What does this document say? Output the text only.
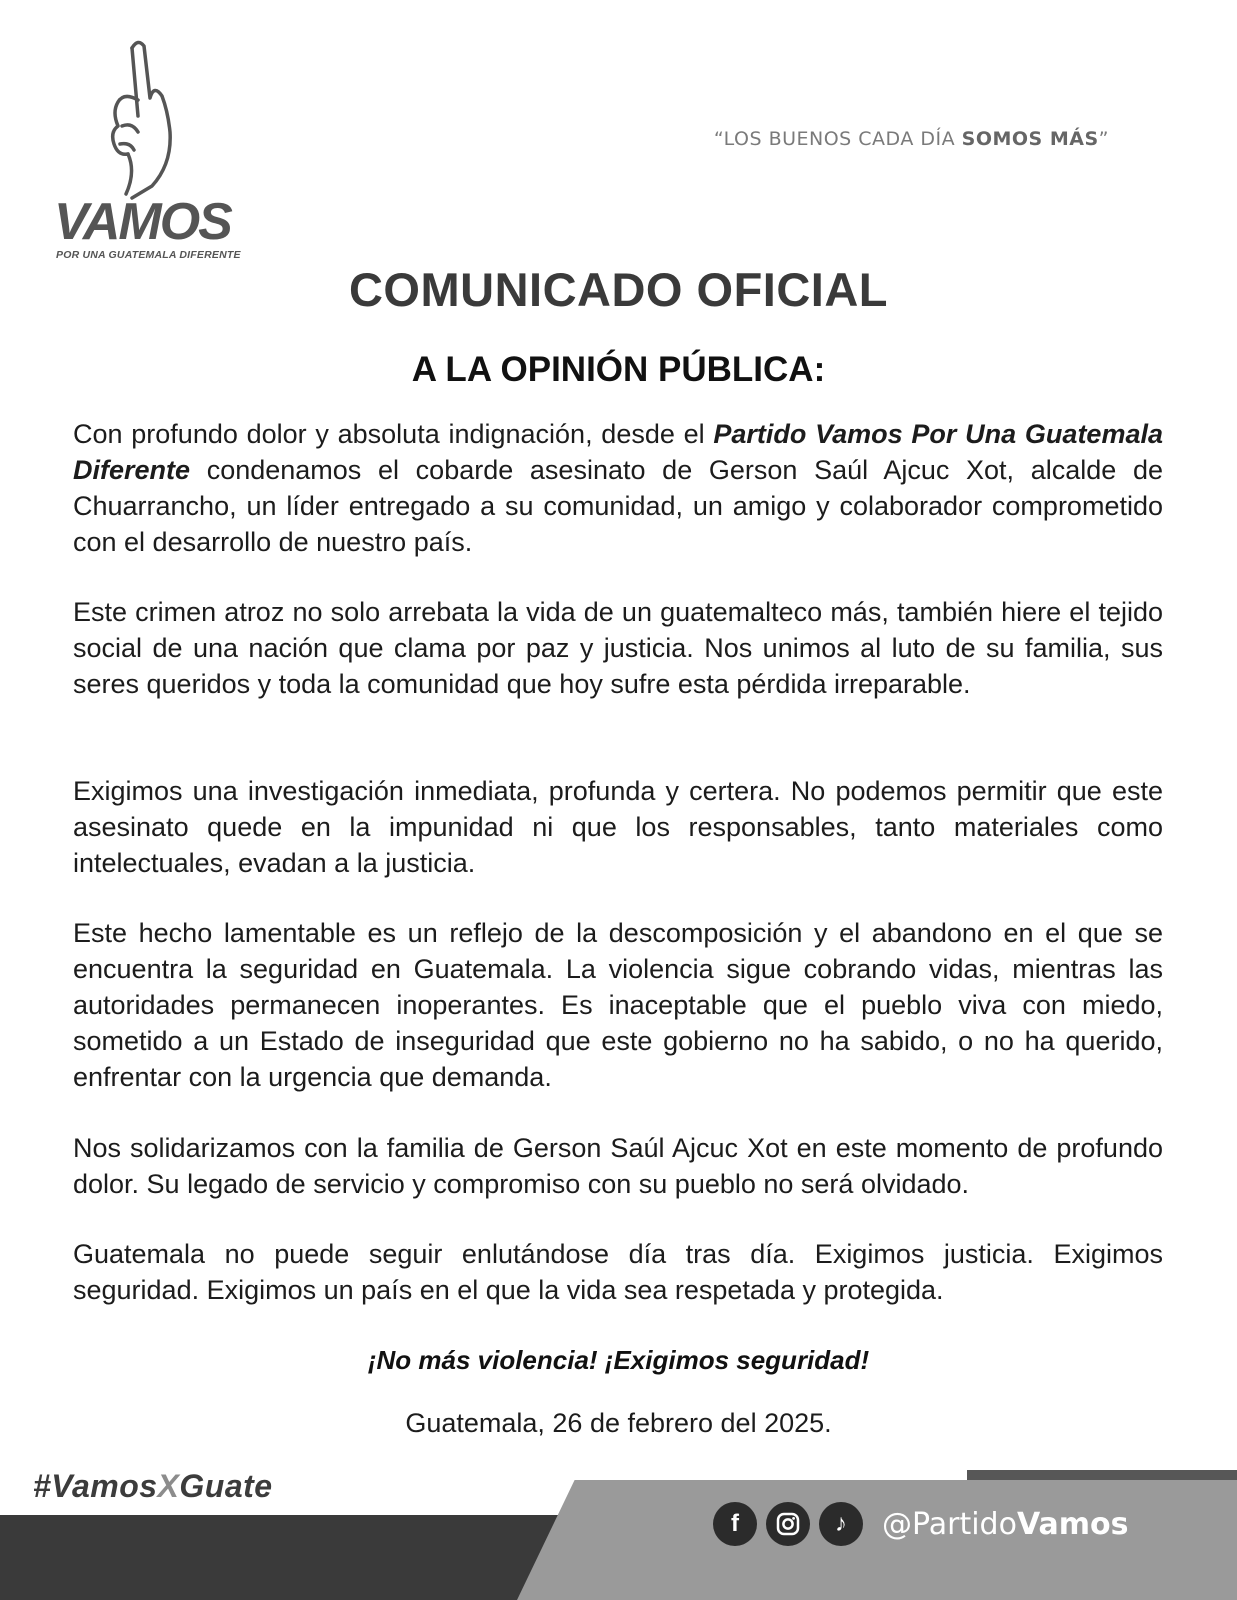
VAMOS
POR UNA GUATEMALA DIFERENTE
“LOS BUENOS CADA DÍA SOMOS MÁS”
COMUNICADO OFICIAL
A LA OPINIÓN PÚBLICA:

Con profundo dolor y absoluta indignación, desde el Partido Vamos Por Una Guatemala Diferente condenamos el cobarde asesinato de Gerson Saúl Ajcuc Xot, alcalde de Chuarrancho, un líder entregado a su comunidad, un amigo y colaborador comprometido con el desarrollo de nuestro país.

Este crimen atroz no solo arrebata la vida de un guatemalteco más, también hiere el tejido social de una nación que clama por paz y justicia. Nos unimos al luto de su familia, sus seres queridos y toda la comunidad que hoy sufre esta pérdida irreparable.

Exigimos una investigación inmediata, profunda y certera. No podemos permitir que este asesinato quede en la impunidad ni que los responsables, tanto materiales como intelectuales, evadan a la justicia.

Este hecho lamentable es un reflejo de la descomposición y el abandono en el que se encuentra la seguridad en Guatemala. La violencia sigue cobrando vidas, mientras las autoridades permanecen inoperantes. Es inaceptable que el pueblo viva con miedo, sometido a un Estado de inseguridad que este gobierno no ha sabido, o no ha querido, enfrentar con la urgencia que demanda.

Nos solidarizamos con la familia de Gerson Saúl Ajcuc Xot en este momento de profundo dolor. Su legado de servicio y compromiso con su pueblo no será olvidado.

Guatemala no puede seguir enlutándose día tras día. Exigimos justicia. Exigimos seguridad. Exigimos un país en el que la vida sea respetada y protegida.

¡No más violencia! ¡Exigimos seguridad!
Guatemala, 26 de febrero del 2025.
#VamosXGuate
f	♪ @PartidoVamos
